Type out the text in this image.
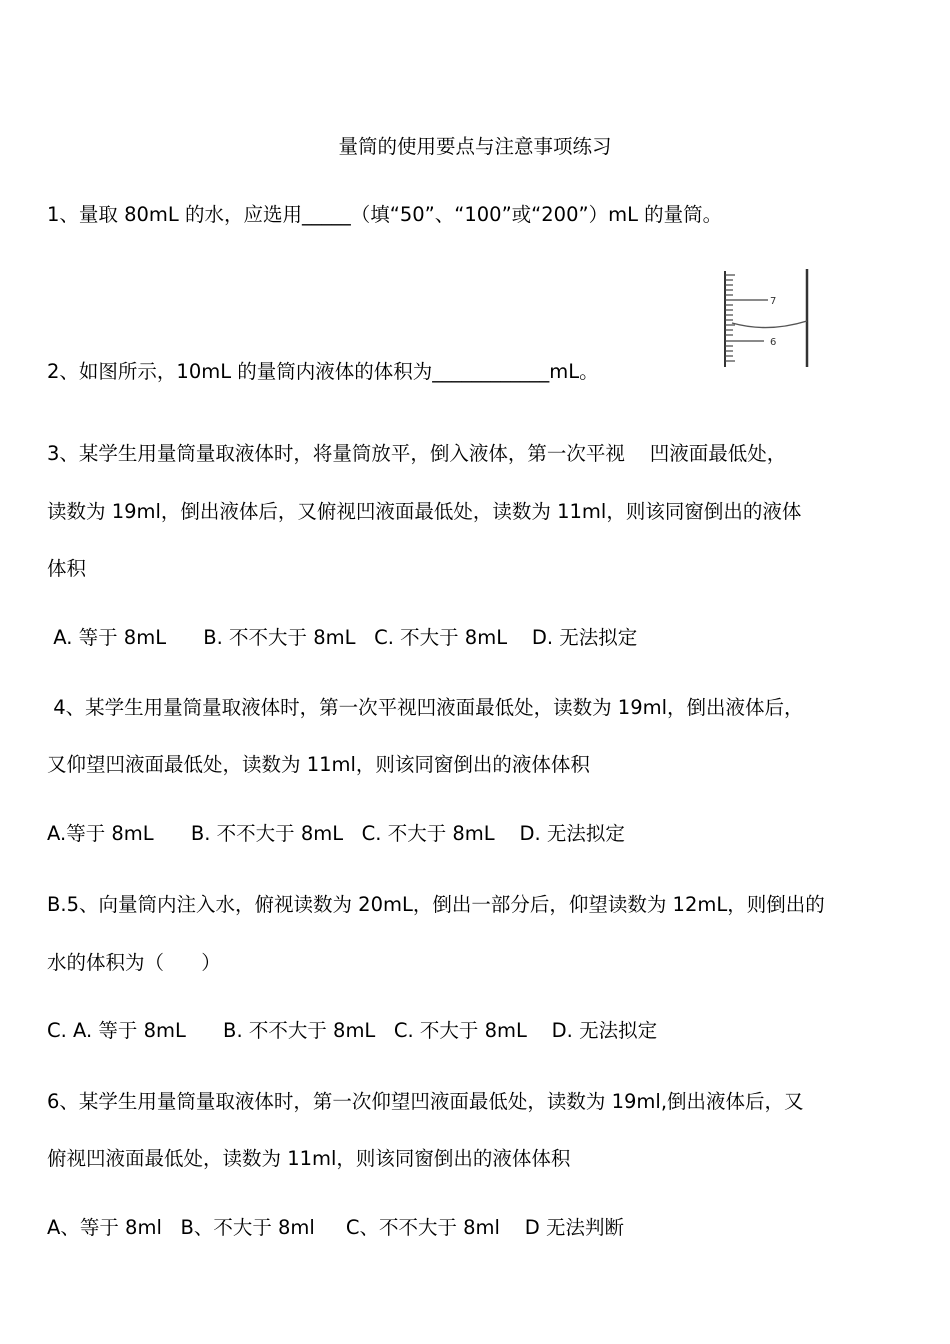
量筒的使用要点与注意事项练习
1、量取 80mL 的水，应选用_____（填“50”、“100”或“200”）mL 的量筒。
7
6
2、如图所示，10mL 的量筒内液体的体积为____________mL。
3、某学生用量筒量取液体时，将量筒放平，倒入液体，第一次平视    凹液面最低处，
读数为 19ml，倒出液体后，又俯视凹液面最低处，读数为 11ml，则该同窗倒出的液体
体积
A. 等于 8mL      B. 不不大于 8mL   C. 不大于 8mL    D. 无法拟定
4、某学生用量筒量取液体时，第一次平视凹液面最低处，读数为 19ml，倒出液体后，
又仰望凹液面最低处，读数为 11ml，则该同窗倒出的液体体积
A.等于 8mL      B. 不不大于 8mL   C. 不大于 8mL    D. 无法拟定
B.5、向量筒内注入水，俯视读数为 20mL，倒出一部分后，仰望读数为 12mL，则倒出的
水的体积为（      ）
C. A. 等于 8mL      B. 不不大于 8mL   C. 不大于 8mL    D. 无法拟定
6、某学生用量筒量取液体时，第一次仰望凹液面最低处，读数为 19ml,倒出液体后，又
俯视凹液面最低处，读数为 11ml，则该同窗倒出的液体体积
A、等于 8ml   B、不大于 8ml     C、不不大于 8ml    D 无法判断
